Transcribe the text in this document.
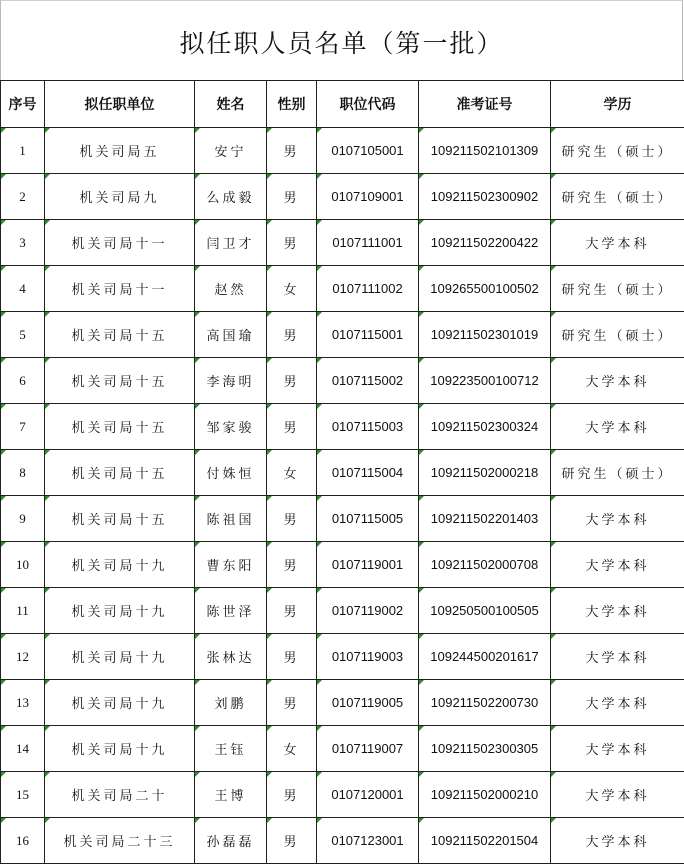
拟任职人员名单（第一批）
序号	拟任职单位	姓名	性别	职位代码	准考证号	学历

1	机关司局五	安宁	男	0107105001	109211502101309	研究生（硕士）

2	机关司局九	么成毅	男	0107109001	109211502300902	研究生（硕士）

3	机关司局十一	闫卫才	男	0107111001	109211502200422	大学本科

4	机关司局十一	赵然	女	0107111002	109265500100502	研究生（硕士）

5	机关司局十五	高国瑜	男	0107115001	109211502301019	研究生（硕士）

6	机关司局十五	李海明	男	0107115002	109223500100712	大学本科

7	机关司局十五	邹家骏	男	0107115003	109211502300324	大学本科

8	机关司局十五	付姝恒	女	0107115004	109211502000218	研究生（硕士）

9	机关司局十五	陈祖国	男	0107115005	109211502201403	大学本科

10	机关司局十九	曹东阳	男	0107119001	109211502000708	大学本科

11	机关司局十九	陈世泽	男	0107119002	109250500100505	大学本科

12	机关司局十九	张林达	男	0107119003	109244500201617	大学本科

13	机关司局十九	刘鹏	男	0107119005	109211502200730	大学本科

14	机关司局十九	王钰	女	0107119007	109211502300305	大学本科

15	机关司局二十	王博	男	0107120001	109211502000210	大学本科

16	机关司局二十三	孙磊磊	男	0107123001	109211502201504	大学本科
